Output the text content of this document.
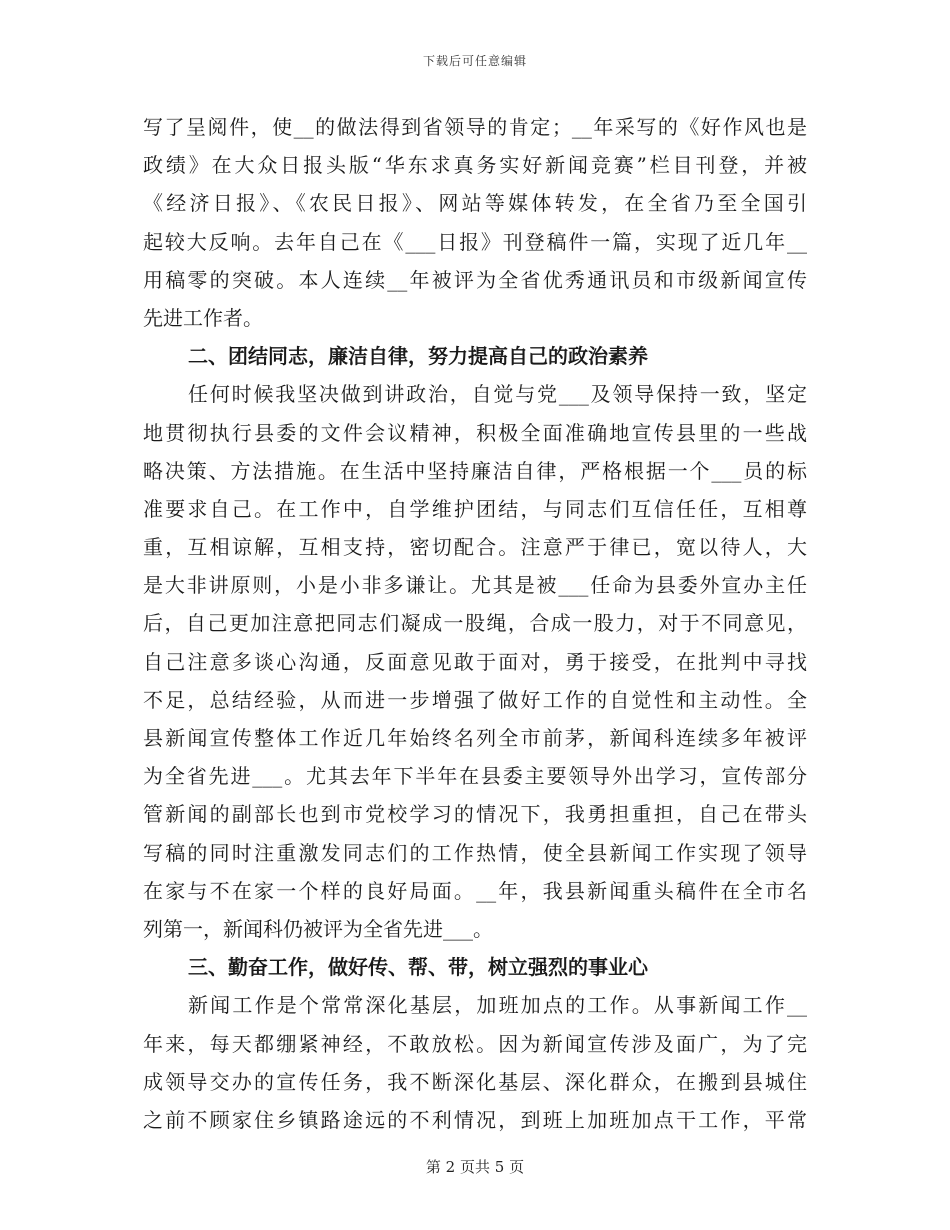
下载后可任意编辑
写了呈阅件，使__的做法得到省领导的肯定；__年采写的《好作风也是
政绩》在大众日报头版“华东求真务实好新闻竞赛”栏目刊登，并被
《经济日报》、《农民日报》、网站等媒体转发，在全省乃至全国引
起较大反响。去年自己在《___日报》刊登稿件一篇，实现了近几年__
用稿零的突破。本人连续__年被评为全省优秀通讯员和市级新闻宣传
先进工作者。
二、团结同志，廉洁自律，努力提高自己的政治素养
任何时候我坚决做到讲政治，自觉与党___及领导保持一致，坚定
地贯彻执行县委的文件会议精神，积极全面准确地宣传县里的一些战
略决策、方法措施。在生活中坚持廉洁自律，严格根据一个___员的标
准要求自己。在工作中，自学维护团结，与同志们互信任任，互相尊
重，互相谅解，互相支持，密切配合。注意严于律已，宽以待人，大
是大非讲原则，小是小非多谦让。尤其是被___任命为县委外宣办主任
后，自己更加注意把同志们凝成一股绳，合成一股力，对于不同意见，
自己注意多谈心沟通，反面意见敢于面对，勇于接受，在批判中寻找
不足，总结经验，从而进一步增强了做好工作的自觉性和主动性。全
县新闻宣传整体工作近几年始终名列全市前茅，新闻科连续多年被评
为全省先进___。尤其去年下半年在县委主要领导外出学习，宣传部分
管新闻的副部长也到市党校学习的情况下，我勇担重担，自己在带头
写稿的同时注重激发同志们的工作热情，使全县新闻工作实现了领导
在家与不在家一个样的良好局面。__年，我县新闻重头稿件在全市名
列第一，新闻科仍被评为全省先进___。
三、勤奋工作，做好传、帮、带，树立强烈的事业心
新闻工作是个常常深化基层，加班加点的工作。从事新闻工作__
年来，每天都绷紧神经，不敢放松。因为新闻宣传涉及面广，为了完
成领导交办的宣传任务，我不断深化基层、深化群众，在搬到县城住
之前不顾家住乡镇路途远的不利情况，到班上加班加点干工作，平常
第 2 页共 5 页
